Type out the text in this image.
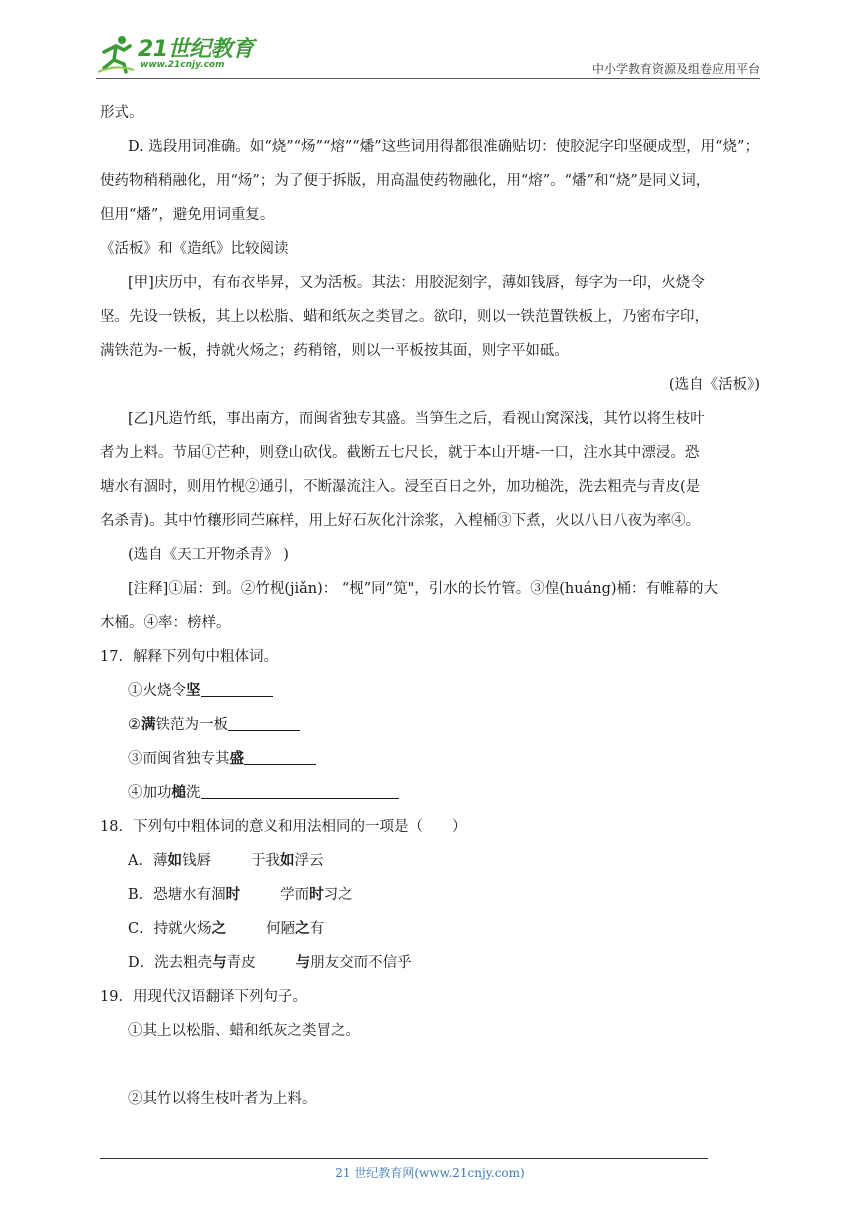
21世纪教育
www.21cnjy.com	中小学教育资源及组卷应用平台

形式。

D. 选段用词准确。如“烧”“炀”“熔”“燔”这些词用得都很准确贴切：使胶泥字印坚硬成型，用“烧”；

使药物稍稍融化，用“炀”；为了便于拆版，用高温使药物融化，用“熔”。“燔”和“烧”是同义词，

但用“燔”，避免用词重复。

《活板》和《造纸》比较阅读

[甲]庆历中，有布衣毕昇，又为活板。其法：用胶泥刻字，薄如钱唇，每字为一印，火烧令

坚。先设一铁板，其上以松脂、蜡和纸灰之类冒之。欲印，则以一铁范置铁板上，乃密布字印，

满铁范为-一板，持就火炀之；药稍镕，则以一平板按其面，则字平如砥。

(选自《活板》)

[乙]凡造竹纸，事出南方，而闽省独专其盛。当笋生之后，看视山窝深浅，其竹以将生枝叶

者为上料。节届①芒种，则登山砍伐。截断五七尺长，就于本山开塘-一口，注水其中漂浸。恐

塘水有涸时，则用竹枧②通引，不断瀑流注入。浸至百日之外，加功槌洗，洗去粗壳与青皮(是

名杀青)。其中竹穰形同苎麻样，用上好石灰化汁涂浆，入楻桶③下煮，火以八日八夜为率④。

(选自《天工开物杀青》 )

[注释]①届：到。②竹枧(jiǎn)： “枧”同“笕"，引水的长竹管。③偟(huáng)桶：有帷幕的大

木桶。④率：榜样。

17．解释下列句中粗体词。

①火烧令坚

②满铁范为一板

③而闽省独专其盛

④加功槌洗

18．下列句中粗体词的意义和用法相同的一项是（　　）

A．薄如钱唇	于我如浮云

B．恐塘水有涸时	学而时习之

C．持就火炀之	何陋之有

D．洗去粗壳与青皮	与朋友交而不信乎

19．用现代汉语翻译下列句子。

①其上以松脂、蜡和纸灰之类冒之。

②其竹以将生枝叶者为上料。

21 世纪教育网(www.21cnjy.com)
